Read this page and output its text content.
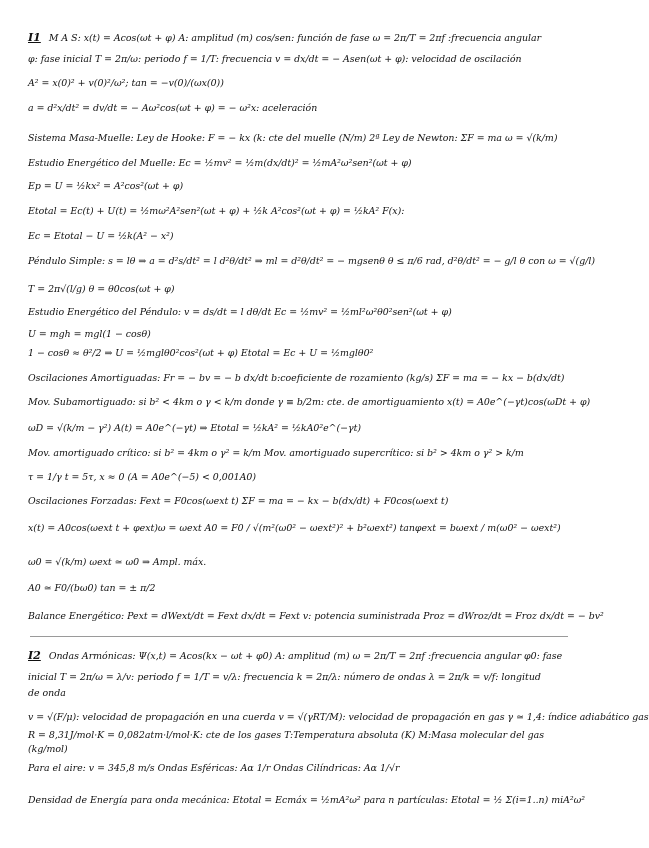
I1 M A S: x(t) = Acos(ωt + φ) A: amplitud (m) cos/sen: función de fase ω = 2π/T = 2πf :frecuencia angular
φ: fase inicial T = 2π/ω: periodo f = 1/T: frecuencia v = dx/dt = − Asen(ωt + φ): velocidad de oscilación
A² = x(0)² + v(0)²/ω²; tan = −v(0)/(ωx(0))
a = d²x/dt² = dv/dt = − Aω²cos(ωt + φ) = − ω²x: aceleración
Sistema Masa-Muelle: Ley de Hooke: F = − kx (k: cte del muelle (N/m) 2ª Ley de Newton: ΣF = ma ω = √(k/m)
Estudio Energético del Muelle: Ec = ½mv² = ½m(dx/dt)² = ½mA²ω²sen²(ωt + φ)
Ep = U = ½kx² = A²cos²(ωt + φ)
Etotal = Ec(t) + U(t) = ½mω²A²sen²(ωt + φ) + ½k A²cos²(ωt + φ) = ½kA² F(x):
Ec = Etotal − U = ½k(A² − x²)
Péndulo Simple: s = lθ ⇒ a = d²s/dt² = l d²θ/dt² ⇒ ml = d²θ/dt² = − mgsenθ θ ≤ π/6 rad, d²θ/dt² = − g/l θ con ω = √(g/l)
T = 2π√(l/g) θ = θ0cos(ωt + φ)
Estudio Energético del Péndulo: v = ds/dt = l dθ/dt Ec = ½mv² = ½ml²ω²θ0²sen²(ωt + φ)
U = mgh = mgl(1 − cosθ)
1 − cosθ ≈ θ²/2 ⇒ U = ½mglθ0²cos²(ωt + φ) Etotal = Ec + U = ½mglθ0²
Oscilaciones Amortiguadas: Fr = − bv = − b dx/dt b:coeficiente de rozamiento (kg/s) ΣF = ma = − kx − b(dx/dt)
Mov. Subamortiguado: si b² < 4km o γ < k/m donde γ ≡ b/2m: cte. de amortiguamiento x(t) = A0e^(−γt)cos(ωDt + φ)
ωD = √(k/m − γ²) A(t) = A0e^(−γt) ⇒ Etotal = ½kA² = ½kA0²e^(−γt)
Mov. amortiguado crítico: si b² = 4km o γ² = k/m Mov. amortiguado supercrítico: si b² > 4km o γ² > k/m
τ = 1/γ t = 5τ, x ≈ 0 (A = A0e^(−5) < 0,001A0)
Oscilaciones Forzadas: Fext = F0cos(ωext t) ΣF = ma = − kx − b(dx/dt) + F0cos(ωext t)
x(t) = A0cos(ωext t + φext)ω = ωext A0 = F0 / √(m²(ω0² − ωext²)² + b²ωext²) tanφext = bωext / m(ω0² − ωext²)
ω0 = √(k/m) ωext ≃ ω0 ⇒ Ampl. máx.
A0 ≃ F0/(bω0) tan = ± π/2
Balance Energético: Pext = dWext/dt = Fext dx/dt = Fext v: potencia suministrada Proz = dWroz/dt = Froz dx/dt = − bv²
I2 Ondas Armónicas: Ψ(x,t) = Acos(kx − ωt + φ0) A: amplitud (m) ω = 2π/T = 2πf :frecuencia angular φ0: fase
inicial T = 2π/ω = λ/v: periodo f = 1/T = v/λ: frecuencia k = 2π/λ: número de ondas λ = 2π/k = v/f: longitud
de onda
v = √(F/μ): velocidad de propagación en una cuerda v = √(γRT/M): velocidad de propagación en gas γ ≃ 1,4: índice adiabático gas
R = 8,31J/mol·K = 0,082atm·l/mol·K: cte de los gases T:Temperatura absoluta (K) M:Masa molecular del gas
(kg/mol)
Para el aire: v = 345,8 m/s Ondas Esféricas: Aα 1/r Ondas Cilíndricas: Aα 1/√r
Densidad de Energía para onda mecánica: Etotal = Ecmáx = ½mA²ω² para n partículas: Etotal = ½ Σ(i=1..n) miA²ω²
